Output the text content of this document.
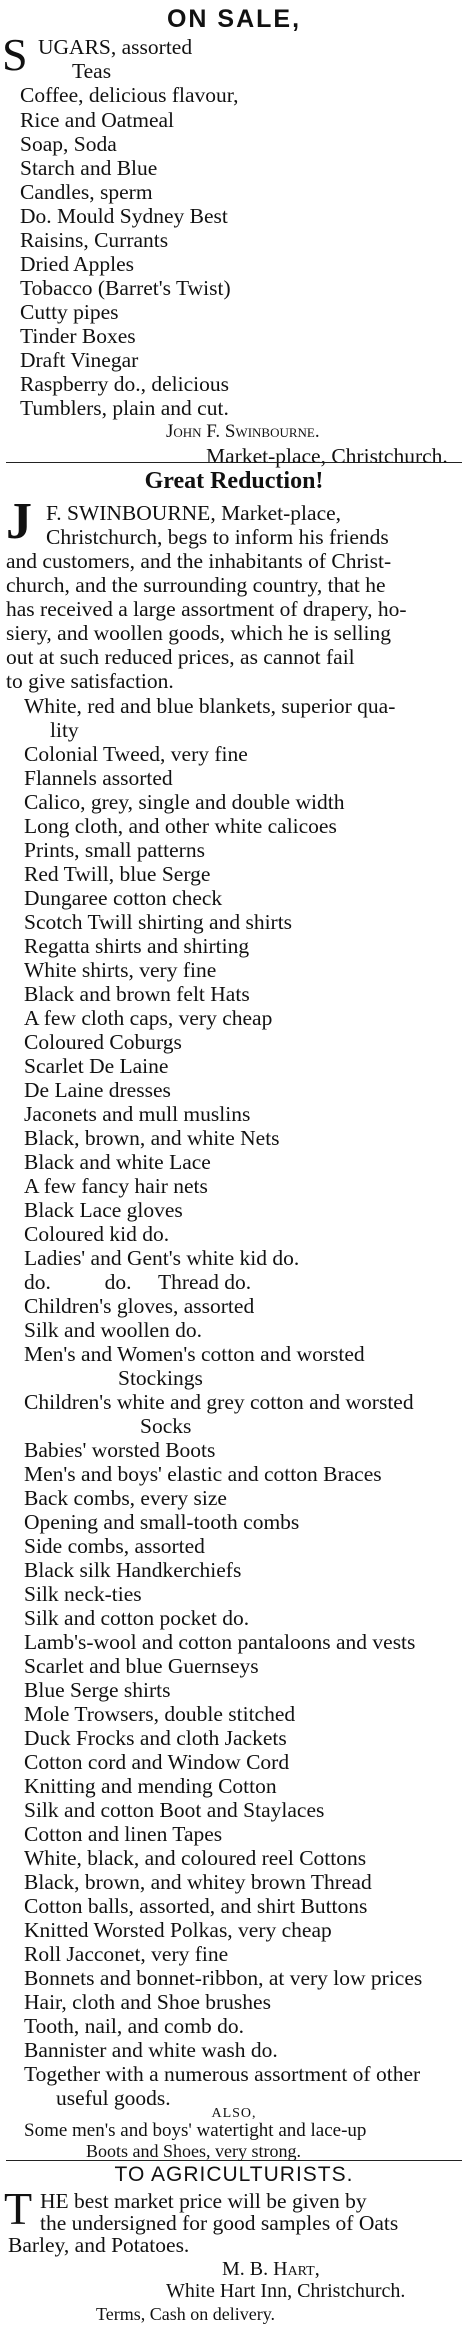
ON SALE,
S UGARS, assorted
Teas
Coffee, delicious flavour,
Rice and Oatmeal
Soap, Soda
Starch and Blue
Candles, sperm
Do. Mould Sydney Best
Raisins, Currants
Dried Apples
Tobacco (Barret's Twist)
Cutty pipes
Tinder Boxes
Draft Vinegar
Raspberry do., delicious
Tumblers, plain and cut.
John F. Swinbourne.
Market-place, Christchurch.
Great Reduction!
J F. SWINBOURNE, Market-place,
Christchurch, begs to inform his friends
and customers, and the inhabitants of Christ-
church, and the surrounding country, that he
has received a large assortment of drapery, ho-
siery, and woollen goods, which he is selling
out at such reduced prices, as cannot fail
to give satisfaction.
White, red and blue blankets, superior qua-
lity
Colonial Tweed, very fine
Flannels assorted
Calico, grey, single and double width
Long cloth, and other white calicoes
Prints, small patterns
Red Twill, blue Serge
Dungaree cotton check
Scotch Twill shirting and shirts
Regatta shirts and shirting
White shirts, very fine
Black and brown felt Hats
A few cloth caps, very cheap
Coloured Coburgs
Scarlet De Laine
De Laine dresses
Jaconets and mull muslins
Black, brown, and white Nets
Black and white Lace
A few fancy hair nets
Black Lace gloves
Coloured kid do.
Ladies' and Gent's white kid do.
do.          do.     Thread do.
Children's gloves, assorted
Silk and woollen do.
Men's and Women's cotton and worsted
Stockings
Children's white and grey cotton and worsted
Socks
Babies' worsted Boots
Men's and boys' elastic and cotton Braces
Back combs, every size
Opening and small-tooth combs
Side combs, assorted
Black silk Handkerchiefs
Silk neck-ties
Silk and cotton pocket do.
Lamb's-wool and cotton pantaloons and vests
Scarlet and blue Guernseys
Blue Serge shirts
Mole Trowsers, double stitched
Duck Frocks and cloth Jackets
Cotton cord and Window Cord
Knitting and mending Cotton
Silk and cotton Boot and Staylaces
Cotton and linen Tapes
White, black, and coloured reel Cottons
Black, brown, and whitey brown Thread
Cotton balls, assorted, and shirt Buttons
Knitted Worsted Polkas, very cheap
Roll Jacconet, very fine
Bonnets and bonnet-ribbon, at very low prices
Hair, cloth and Shoe brushes
Tooth, nail, and comb do.
Bannister and white wash do.
Together with a numerous assortment of other
useful goods.
ALSO,
Some men's and boys' watertight and lace-up
TO AGRICULTURISTS.
T HE best market price will be given by
the undersigned for good samples of Oats
Barley, and Potatoes.
M. B. Hart,
White Hart Inn, Christchurch.
Boots and Shoes, very strong.
Terms, Cash on delivery.
